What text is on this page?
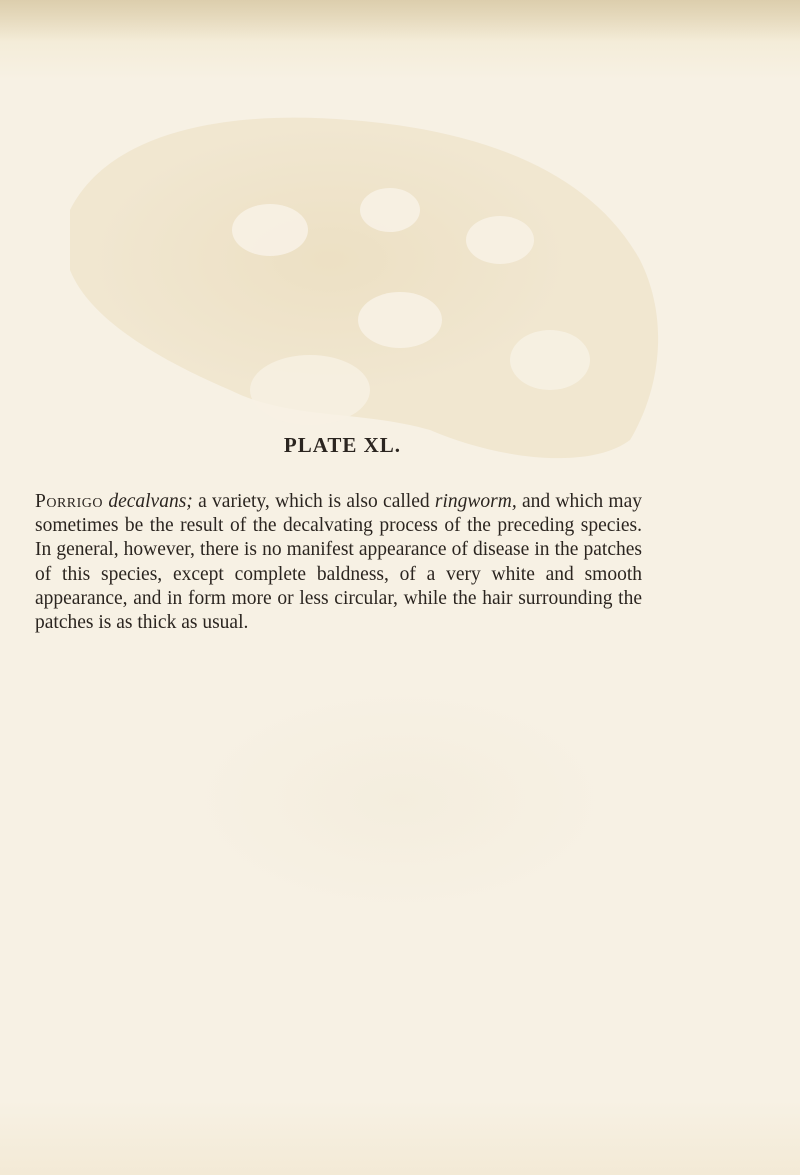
PLATE XL.

Porrigo decalvans; a variety, which is also called ringworm, and which may sometimes be the result of the decalvating process of the preceding species. In general, however, there is no manifest appearance of disease in the patches of this species, except complete baldness, of a very white and smooth appearance, and in form more or less circular, while the hair surrounding the patches is as thick as usual.
